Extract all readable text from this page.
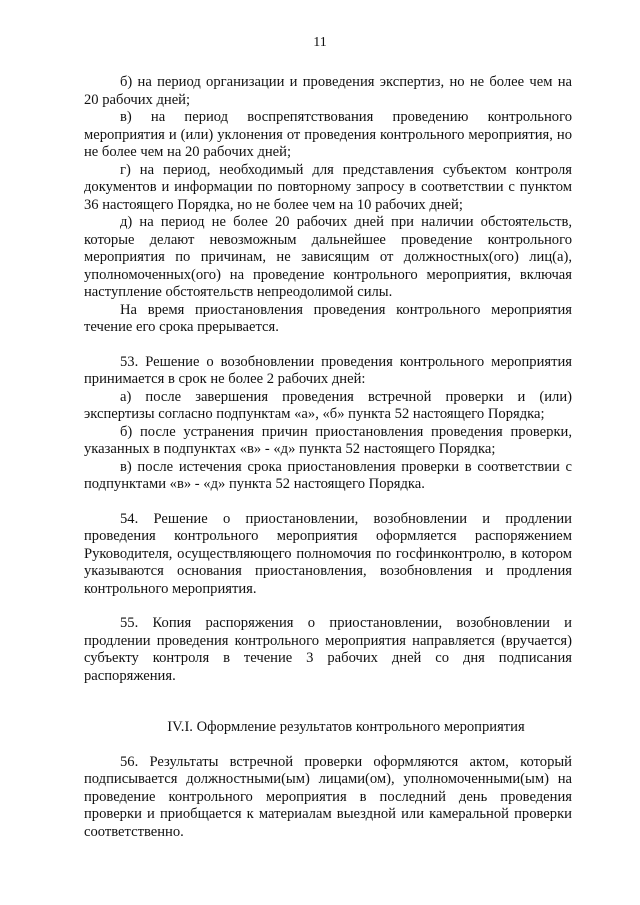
11

б) на период организации и проведения экспертиз, но не более чем на 20 рабочих дней;

в) на период воспрепятствования проведению контрольного мероприятия и (или) уклонения от проведения контрольного мероприятия, но не более чем на 20 рабочих дней;

г) на период, необходимый для представления субъектом контроля документов и информации по повторному запросу в соответствии с пунктом 36 настоящего Порядка, но не более чем на 10 рабочих дней;

д) на период не более 20 рабочих дней при наличии обстоятельств, которые делают невозможным дальнейшее проведение контрольного мероприятия по причинам, не зависящим от должностных(ого) лиц(а), уполномоченных(ого) на проведение контрольного мероприятия, включая наступление обстоятельств непреодолимой силы.

На время приостановления проведения контрольного мероприятия течение его срока прерывается.

53. Решение о возобновлении проведения контрольного мероприятия принимается в срок не более 2 рабочих дней:

а) после завершения проведения встречной проверки и (или) экспертизы согласно подпунктам «а», «б» пункта 52 настоящего Порядка;

б) после устранения причин приостановления проведения проверки, указанных в подпунктах «в» - «д» пункта 52 настоящего Порядка;

в) после истечения срока приостановления проверки в соответствии с подпунктами «в» - «д» пункта 52 настоящего Порядка.

54. Решение о приостановлении, возобновлении и продлении проведения контрольного мероприятия оформляется распоряжением Руководителя, осуществляющего полномочия по госфинконтролю, в котором указываются основания приостановления, возобновления и продления контрольного мероприятия.

55. Копия распоряжения о приостановлении, возобновлении и продлении проведения контрольного мероприятия направляется (вручается) субъекту контроля в течение 3 рабочих дней со дня подписания распоряжения.

IV.I. Оформление результатов контрольного мероприятия

56. Результаты встречной проверки оформляются актом, который подписывается должностными(ым) лицами(ом), уполномоченными(ым) на проведение контрольного мероприятия в последний день проведения проверки и приобщается к материалам выездной или камеральной проверки соответственно.
